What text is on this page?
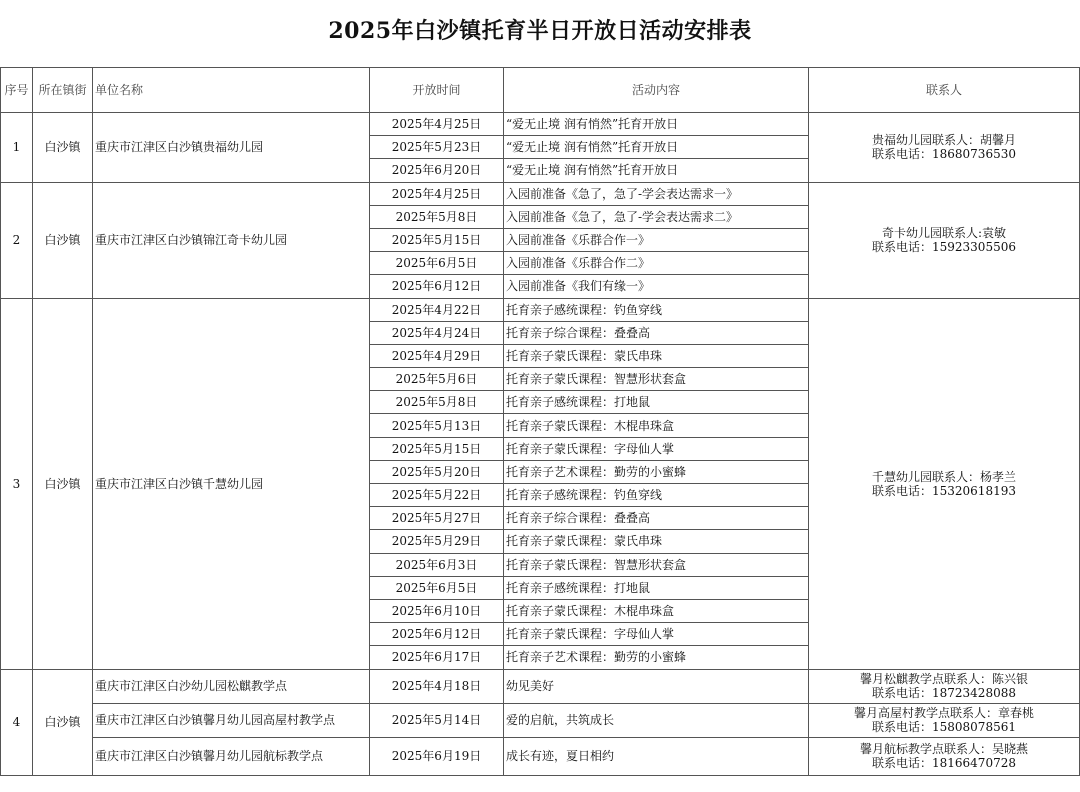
2025年白沙镇托育半日开放日活动安排表
序号	所在镇街	单位名称	开放时间	活动内容	联系人
1	白沙镇	重庆市江津区白沙镇贵福幼儿园	2025年4月25日	“爱无止境 润有悄然”托育开放日	贵福幼儿园联系人：胡馨月
联系电话：18680736530

			2025年5月23日	“爱无止境 润有悄然”托育开放日	
			2025年6月20日	“爱无止境 润有悄然”托育开放日	
2	白沙镇	重庆市江津区白沙镇锦江奇卡幼儿园	2025年4月25日	入园前准备《急了，急了-学会表达需求一》	奇卡幼儿园联系人:袁敏
联系电话：15923305506

			2025年5月8日	入园前准备《急了，急了-学会表达需求二》	
			2025年5月15日	入园前准备《乐群合作一》	
			2025年6月5日	入园前准备《乐群合作二》	
			2025年6月12日	入园前准备《我们有缘一》	
3	白沙镇	重庆市江津区白沙镇千慧幼儿园	2025年4月22日	托育亲子感统课程：钓鱼穿线	千慧幼儿园联系人：杨孝兰
联系电话：15320618193

			2025年4月24日	托育亲子综合课程：叠叠高	
			2025年4月29日	托育亲子蒙氏课程：蒙氏串珠	
			2025年5月6日	托育亲子蒙氏课程：智慧形状套盒	
			2025年5月8日	托育亲子感统课程：打地鼠	
			2025年5月13日	托育亲子蒙氏课程：木棍串珠盒	
			2025年5月15日	托育亲子蒙氏课程：字母仙人掌	
			2025年5月20日	托育亲子艺术课程：勤劳的小蜜蜂	
			2025年5月22日	托育亲子感统课程：钓鱼穿线	
			2025年5月27日	托育亲子综合课程：叠叠高	
			2025年5月29日	托育亲子蒙氏课程：蒙氏串珠	
			2025年6月3日	托育亲子蒙氏课程：智慧形状套盒	
			2025年6月5日	托育亲子感统课程：打地鼠	
			2025年6月10日	托育亲子蒙氏课程：木棍串珠盒	
			2025年6月12日	托育亲子蒙氏课程：字母仙人掌	
			2025年6月17日	托育亲子艺术课程：勤劳的小蜜蜂	
4	白沙镇	重庆市江津区白沙幼儿园松麒教学点	2025年4月18日	幼见美好	馨月松麒教学点联系人：陈兴银
联系电话：18723428088

		重庆市江津区白沙镇馨月幼儿园高屋村教学点	2025年5月14日	爱的启航，共筑成长	馨月高屋村教学点联系人：章春桃
联系电话：15808078561

		重庆市江津区白沙镇馨月幼儿园航标教学点	2025年6月19日	成长有迹，夏日相约	馨月航标教学点联系人：吴晓燕
联系电话：18166470728
